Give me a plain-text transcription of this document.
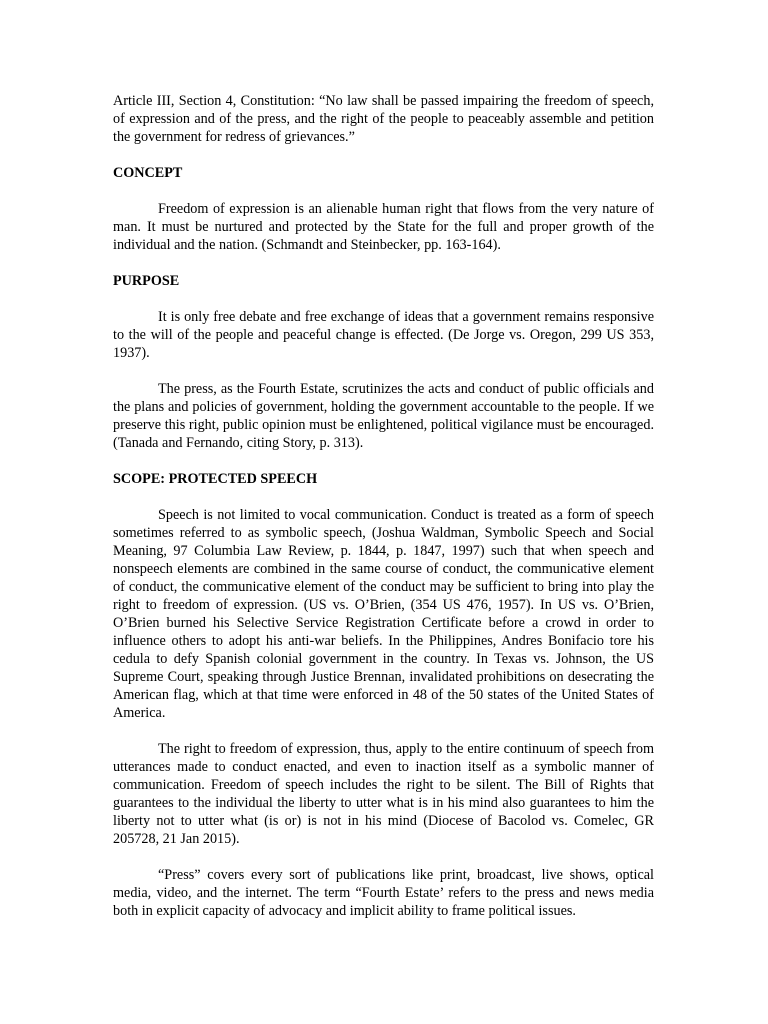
Article III, Section 4, Constitution: “No law shall be passed impairing the freedom of speech, of expression and of the press, and the right of the people to peaceably assemble and petition the government for redress of grievances.”

CONCEPT

Freedom of expression is an alienable human right that flows from the very nature of man. It must be nurtured and protected by the State for the full and proper growth of the individual and the nation. (Schmandt and Steinbecker, pp. 163-164).

PURPOSE

It is only free debate and free exchange of ideas that a government remains responsive to the will of the people and peaceful change is effected. (De Jorge vs. Oregon, 299 US 353, 1937).

The press, as the Fourth Estate, scrutinizes the acts and conduct of public officials and the plans and policies of government, holding the government accountable to the people. If we preserve this right, public opinion must be enlightened, political vigilance must be encouraged. (Tanada and Fernando, citing Story, p. 313).

SCOPE: PROTECTED SPEECH

Speech is not limited to vocal communication. Conduct is treated as a form of speech sometimes referred to as symbolic speech, (Joshua Waldman, Symbolic Speech and Social Meaning, 97 Columbia Law Review, p. 1844, p. 1847, 1997) such that when speech and nonspeech elements are combined in the same course of conduct, the communicative element of conduct, the communicative element of the conduct may be sufficient to bring into play the right to freedom of expression. (US vs. O’Brien, (354 US 476, 1957). In US vs. O’Brien, O’Brien burned his Selective Service Registration Certificate before a crowd in order to influence others to adopt his anti-war beliefs. In the Philippines, Andres Bonifacio tore his cedula to defy Spanish colonial government in the country. In Texas vs. Johnson, the US Supreme Court, speaking through Justice Brennan, invalidated prohibitions on desecrating the American flag, which at that time were enforced in 48 of the 50 states of the United States of America.

The right to freedom of expression, thus, apply to the entire continuum of speech from utterances made to conduct enacted, and even to inaction itself as a symbolic manner of communication. Freedom of speech includes the right to be silent. The Bill of Rights that guarantees to the individual the liberty to utter what is in his mind also guarantees to him the liberty not to utter what (is or) is not in his mind (Diocese of Bacolod vs. Comelec, GR 205728, 21 Jan 2015).

“Press” covers every sort of publications like print, broadcast, live shows, optical media, video, and the internet. The term “Fourth Estate’ refers to the press and news media both in explicit capacity of advocacy and implicit ability to frame political issues.
